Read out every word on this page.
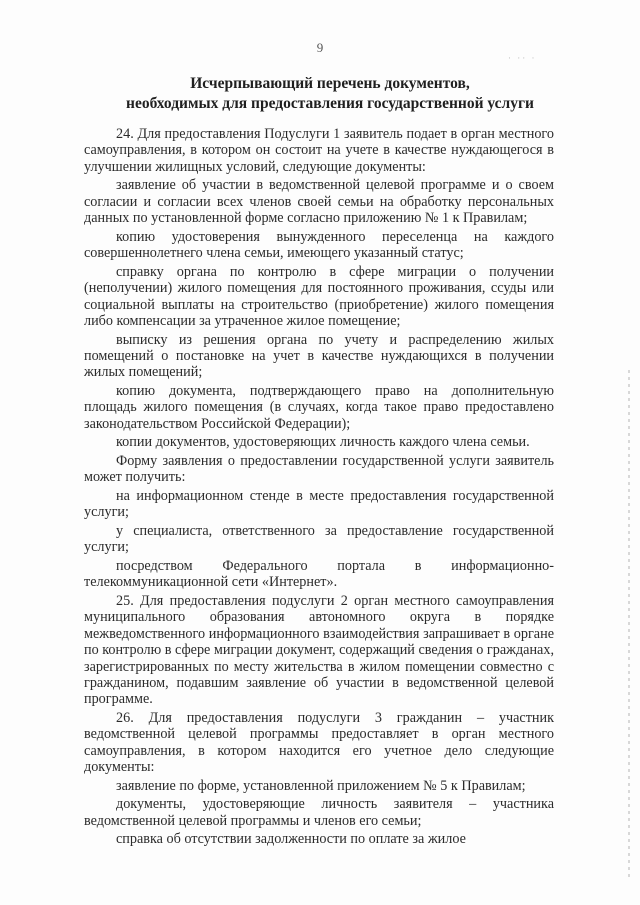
9
· ·· ·
Исчерпывающий перечень документов,
необходимых для предоставления государственной услуги

24. Для предоставления Подуслуги 1 заявитель подает в орган местного самоуправления, в котором он состоит на учете в качестве нуждающегося в улучшении жилищных условий, следующие документы:

заявление об участии в ведомственной целевой программе и о своем согласии и согласии всех членов своей семьи на обработку персональных данных по установленной форме согласно приложению № 1 к Правилам;

копию удостоверения вынужденного переселенца на каждого совершеннолетнего члена семьи, имеющего указанный статус;

справку органа по контролю в сфере миграции о получении (неполучении) жилого помещения для постоянного проживания, ссуды или социальной выплаты на строительство (приобретение) жилого помещения либо компенсации за утраченное жилое помещение;

выписку из решения органа по учету и распределению жилых помещений о постановке на учет в качестве нуждающихся в получении жилых помещений;

копию документа, подтверждающего право на дополнительную площадь жилого помещения (в случаях, когда такое право предоставлено законодательством Российской Федерации);

копии документов, удостоверяющих личность каждого члена семьи.

Форму заявления о предоставлении государственной услуги заявитель может получить:

на информационном стенде в месте предоставления государственной услуги;

у специалиста, ответственного за предоставление государственной услуги;

посредством Федерального портала в информационно-телекоммуникационной сети «Интернет».

25. Для предоставления подуслуги 2 орган местного самоуправления муниципального образования автономного округа в порядке межведомственного информационного взаимодействия запрашивает в органе по контролю в сфере миграции документ, содержащий сведения о гражданах, зарегистрированных по месту жительства в жилом помещении совместно с гражданином, подавшим заявление об участии в ведомственной целевой программе.

26. Для предоставления подуслуги 3 гражданин – участник ведомственной целевой программы предоставляет в орган местного самоуправления, в котором находится его учетное дело следующие документы:

заявление по форме, установленной приложением № 5 к Правилам;

документы, удостоверяющие личность заявителя – участника ведомственной целевой программы и членов его семьи;

справка об отсутствии задолженности по оплате за жилое
